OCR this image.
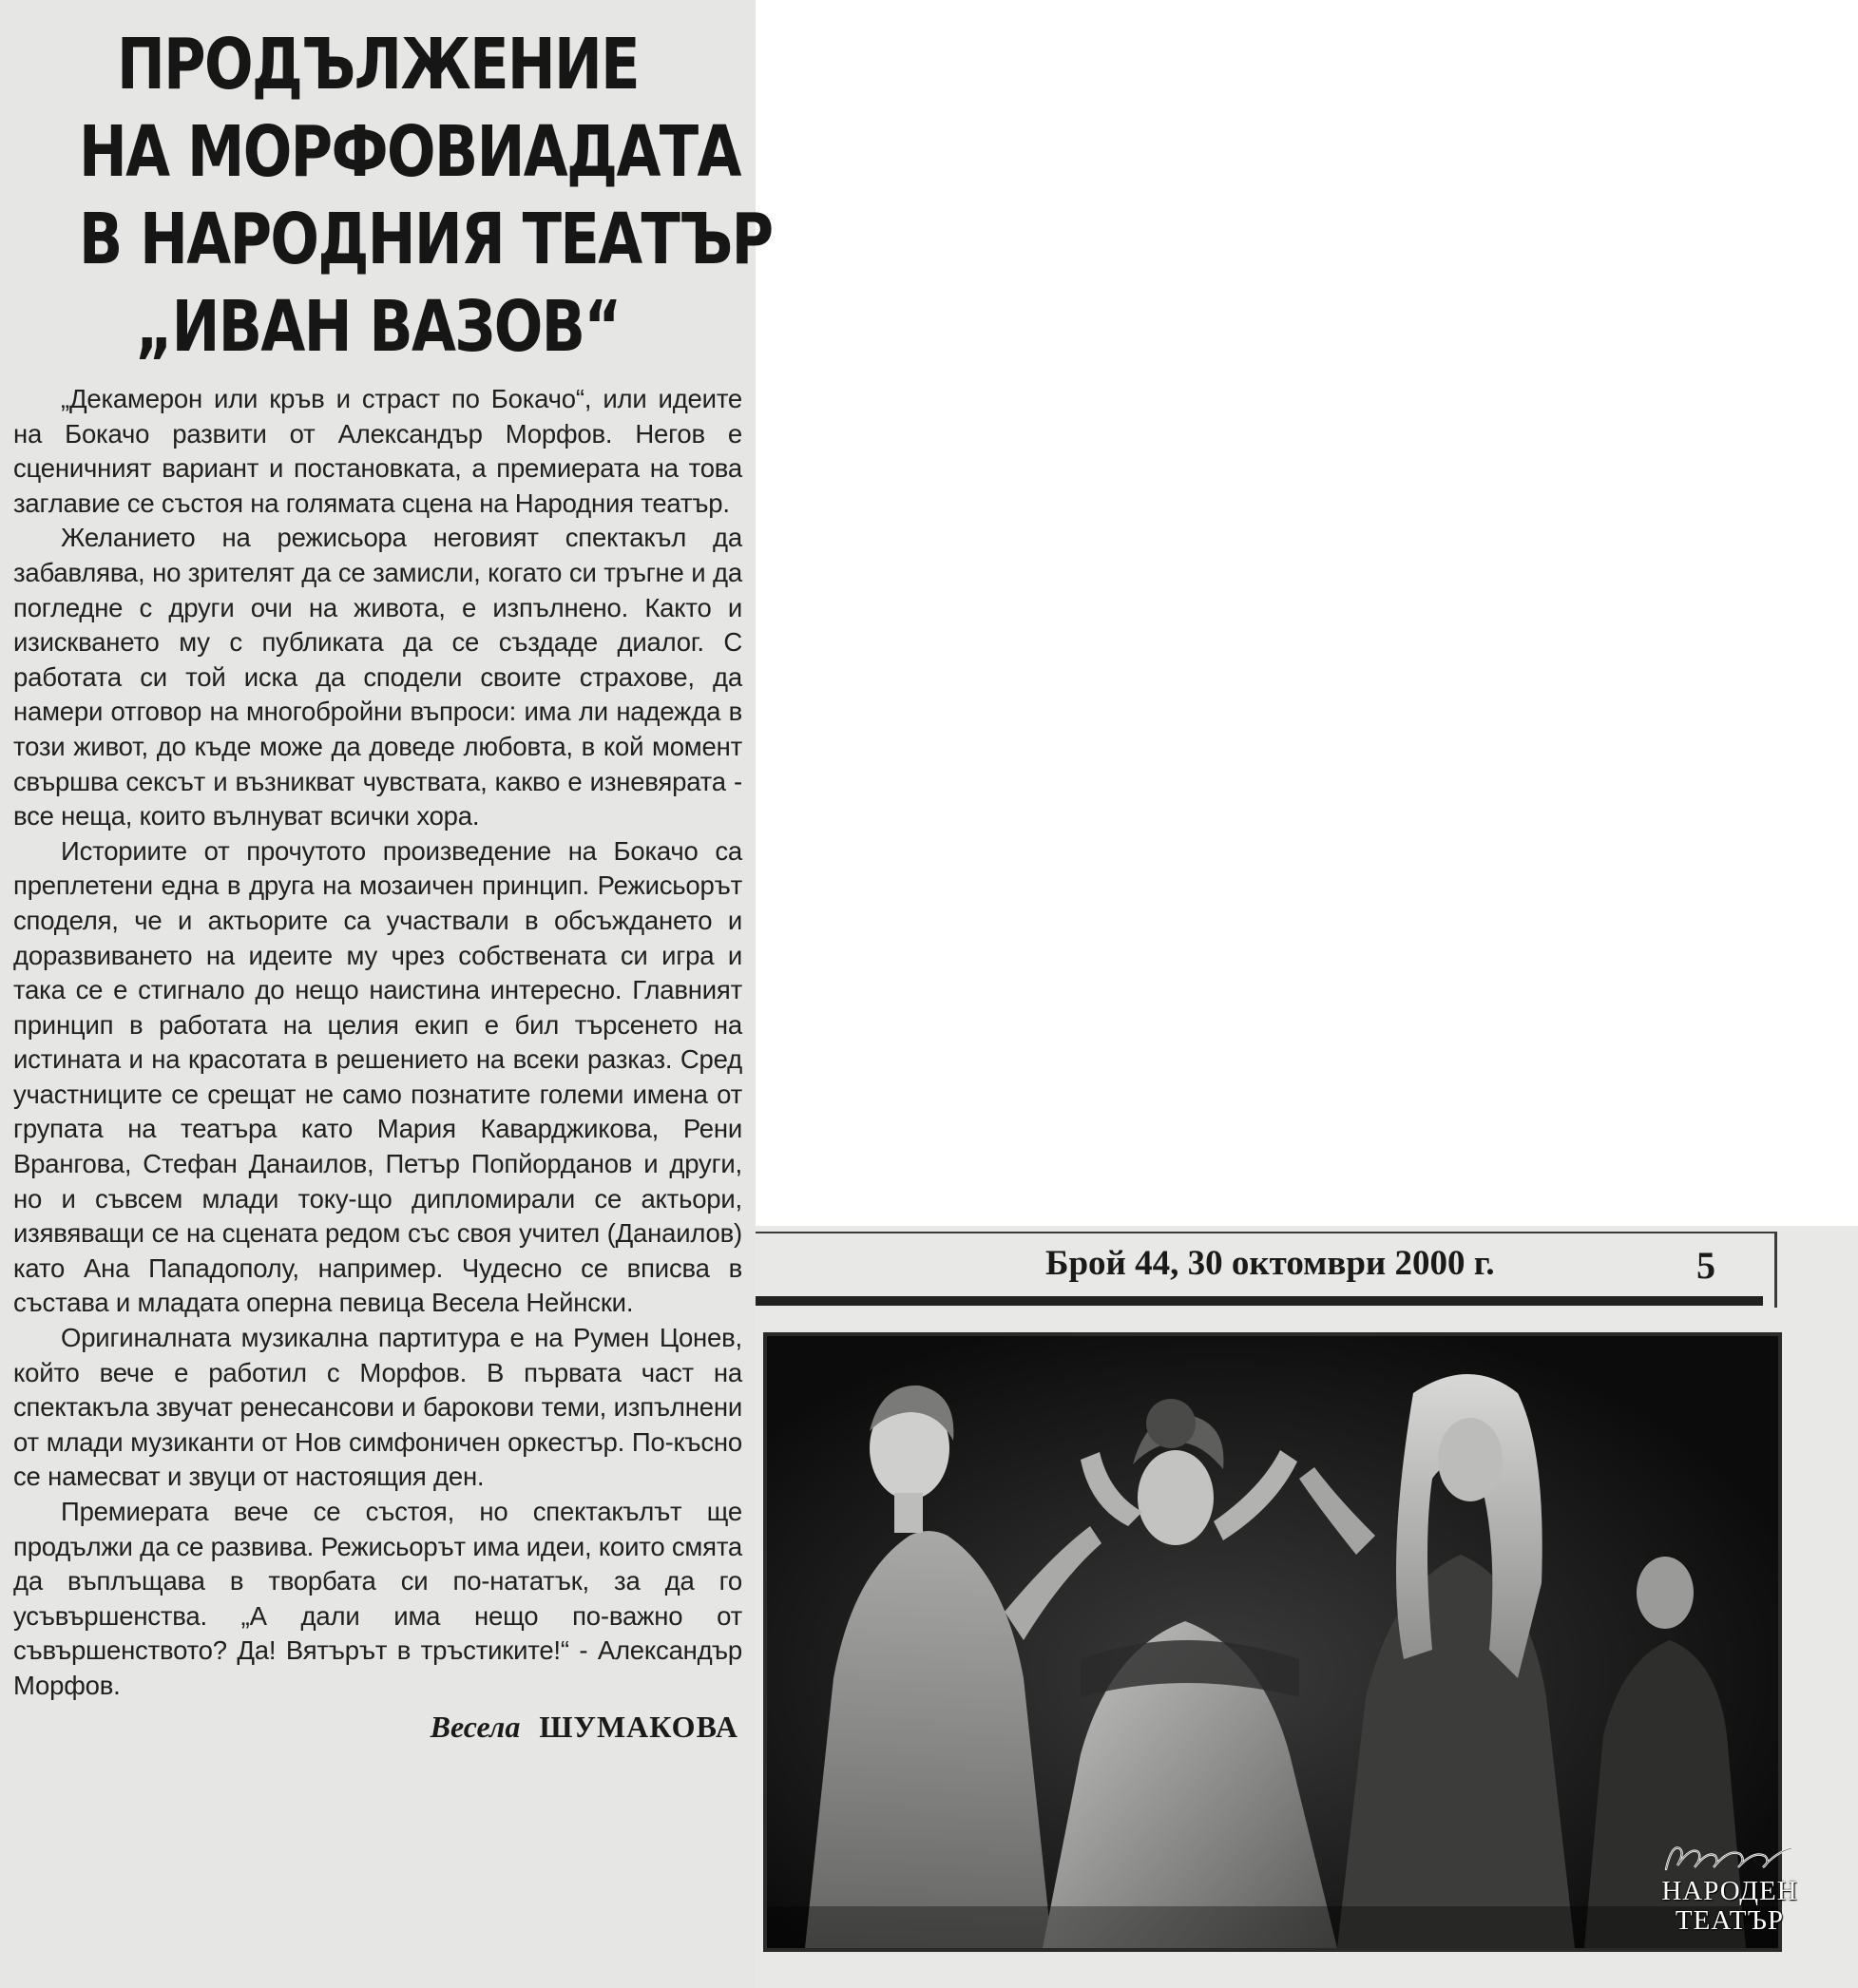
ПРОДЪЛЖЕНИЕ
НА МОРФОВИАДАТА
В НАРОДНИЯ ТЕАТЪР
„ИВАН ВАЗОВ“

„Декамерон или кръв и страст по Бокачо“, или идеите на Бокачо развити от Александър Морфов. Негов е сценичният вариант и постановката, а премиерата на това заглавие се състоя на голямата сцена на Народния театър.

Желанието на режисьора неговият спектакъл да забавлява, но зрителят да се замисли, когато си тръгне и да погледне с други очи на живота, е изпълнено. Както и изискването му с публиката да се създаде диалог. С работата си той иска да сподели своите страхове, да намери отговор на многобройни въпроси: има ли надежда в този живот, до къде може да доведе любовта, в кой момент свършва сексът и възникват чувствата, какво е изневярата - все неща, които вълнуват всички хора.

Историите от прочутото произведение на Бокачо са преплетени една в друга на мозаичен принцип. Режисьорът споделя, че и актьорите са участвали в обсъждането и доразвиването на идеите му чрез собствената си игра и така се е стигнало до нещо наистина интересно. Главният принцип в работата на целия екип е бил търсенето на истината и на красотата в решението на всеки разказ. Сред участниците се срещат не само познатите големи имена от групата на театъра като Мария Каварджикова, Рени Врангова, Стефан Данаилов, Петър Попйорданов и други, но и съвсем млади току-що дипломирали се актьори, изявяващи се на сцената редом със своя учител (Данаилов) като Ана Пападополу, например. Чудесно се вписва в състава и младата оперна певица Весела Нейнски.

Оригиналната музикална партитура е на Румен Цонев, който вече е работил с Морфов. В първата част на спектакъла звучат ренесансови и барокови теми, изпълнени от млади музиканти от Нов симфоничен оркестър. По-късно се намесват и звуци от настоящия ден.

Премиерата вече се състоя, но спектакълът ще продължи да се развива. Режисьорът има идеи, които смята да въплъщава в творбата си по-нататък, за да го усъвършенства. „А дали има нещо по-важно от съвършенството? Да! Вятърът в тръстиките!“ - Александър Морфов.

Весела ШУМАКОВА
Брой 44, 30 октомври 2000 г.	5
НАРОДЕН
ТЕАТЪР
